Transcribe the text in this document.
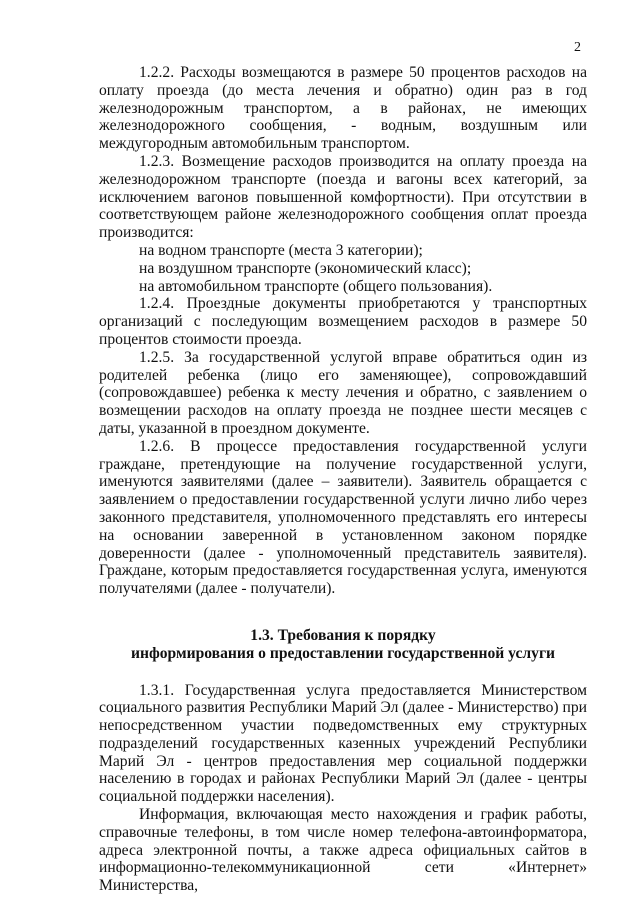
2

1.2.2. Расходы возмещаются в размере 50 процентов расходов на оплату проезда (до места лечения и обратно) один раз в год железнодорожным транспортом, а в районах, не имеющих железнодорожного сообщения, - водным, воздушным или междугородным автомобильным транспортом.

1.2.3. Возмещение расходов производится на оплату проезда на железнодорожном транспорте (поезда и вагоны всех категорий, за исключением вагонов повышенной комфортности). При отсутствии в соответствующем районе железнодорожного сообщения оплат проезда производится:

на водном транспорте (места 3 категории);

на воздушном транспорте (экономический класс);

на автомобильном транспорте (общего пользования).

1.2.4. Проездные документы приобретаются у транспортных организаций с последующим возмещением расходов в размере 50 процентов стоимости проезда.

1.2.5. За государственной услугой вправе обратиться один из родителей ребенка (лицо его заменяющее), сопровождавший (сопровождавшее) ребенка к месту лечения и обратно, с заявлением о возмещении расходов на оплату проезда не позднее шести месяцев с даты, указанной в проездном документе.

1.2.6. В процессе предоставления государственной услуги граждане, претендующие на получение государственной услуги, именуются заявителями (далее – заявители). Заявитель обращается с заявлением о предоставлении государственной услуги лично либо через законного представителя, уполномоченного представлять его интересы на основании заверенной в установленном законом порядке доверенности (далее - уполномоченный представитель заявителя). Граждане, которым предоставляется государственная услуга, именуются получателями (далее - получатели).

1.3. Требования к порядку

информирования о предоставлении государственной услуги

1.3.1. Государственная услуга предоставляется Министерством социального развития Республики Марий Эл (далее - Министерство) при непосредственном участии подведомственных ему структурных подразделений государственных казенных учреждений Республики Марий Эл - центров предоставления мер социальной поддержки населению в городах и районах Республики Марий Эл (далее - центры социальной поддержки населения).

Информация, включающая место нахождения и график работы, справочные телефоны, в том числе номер телефона-автоинформатора, адреса электронной почты, а также адреса официальных сайтов в информационно-телекоммуникационной сети «Интернет» Министерства,
